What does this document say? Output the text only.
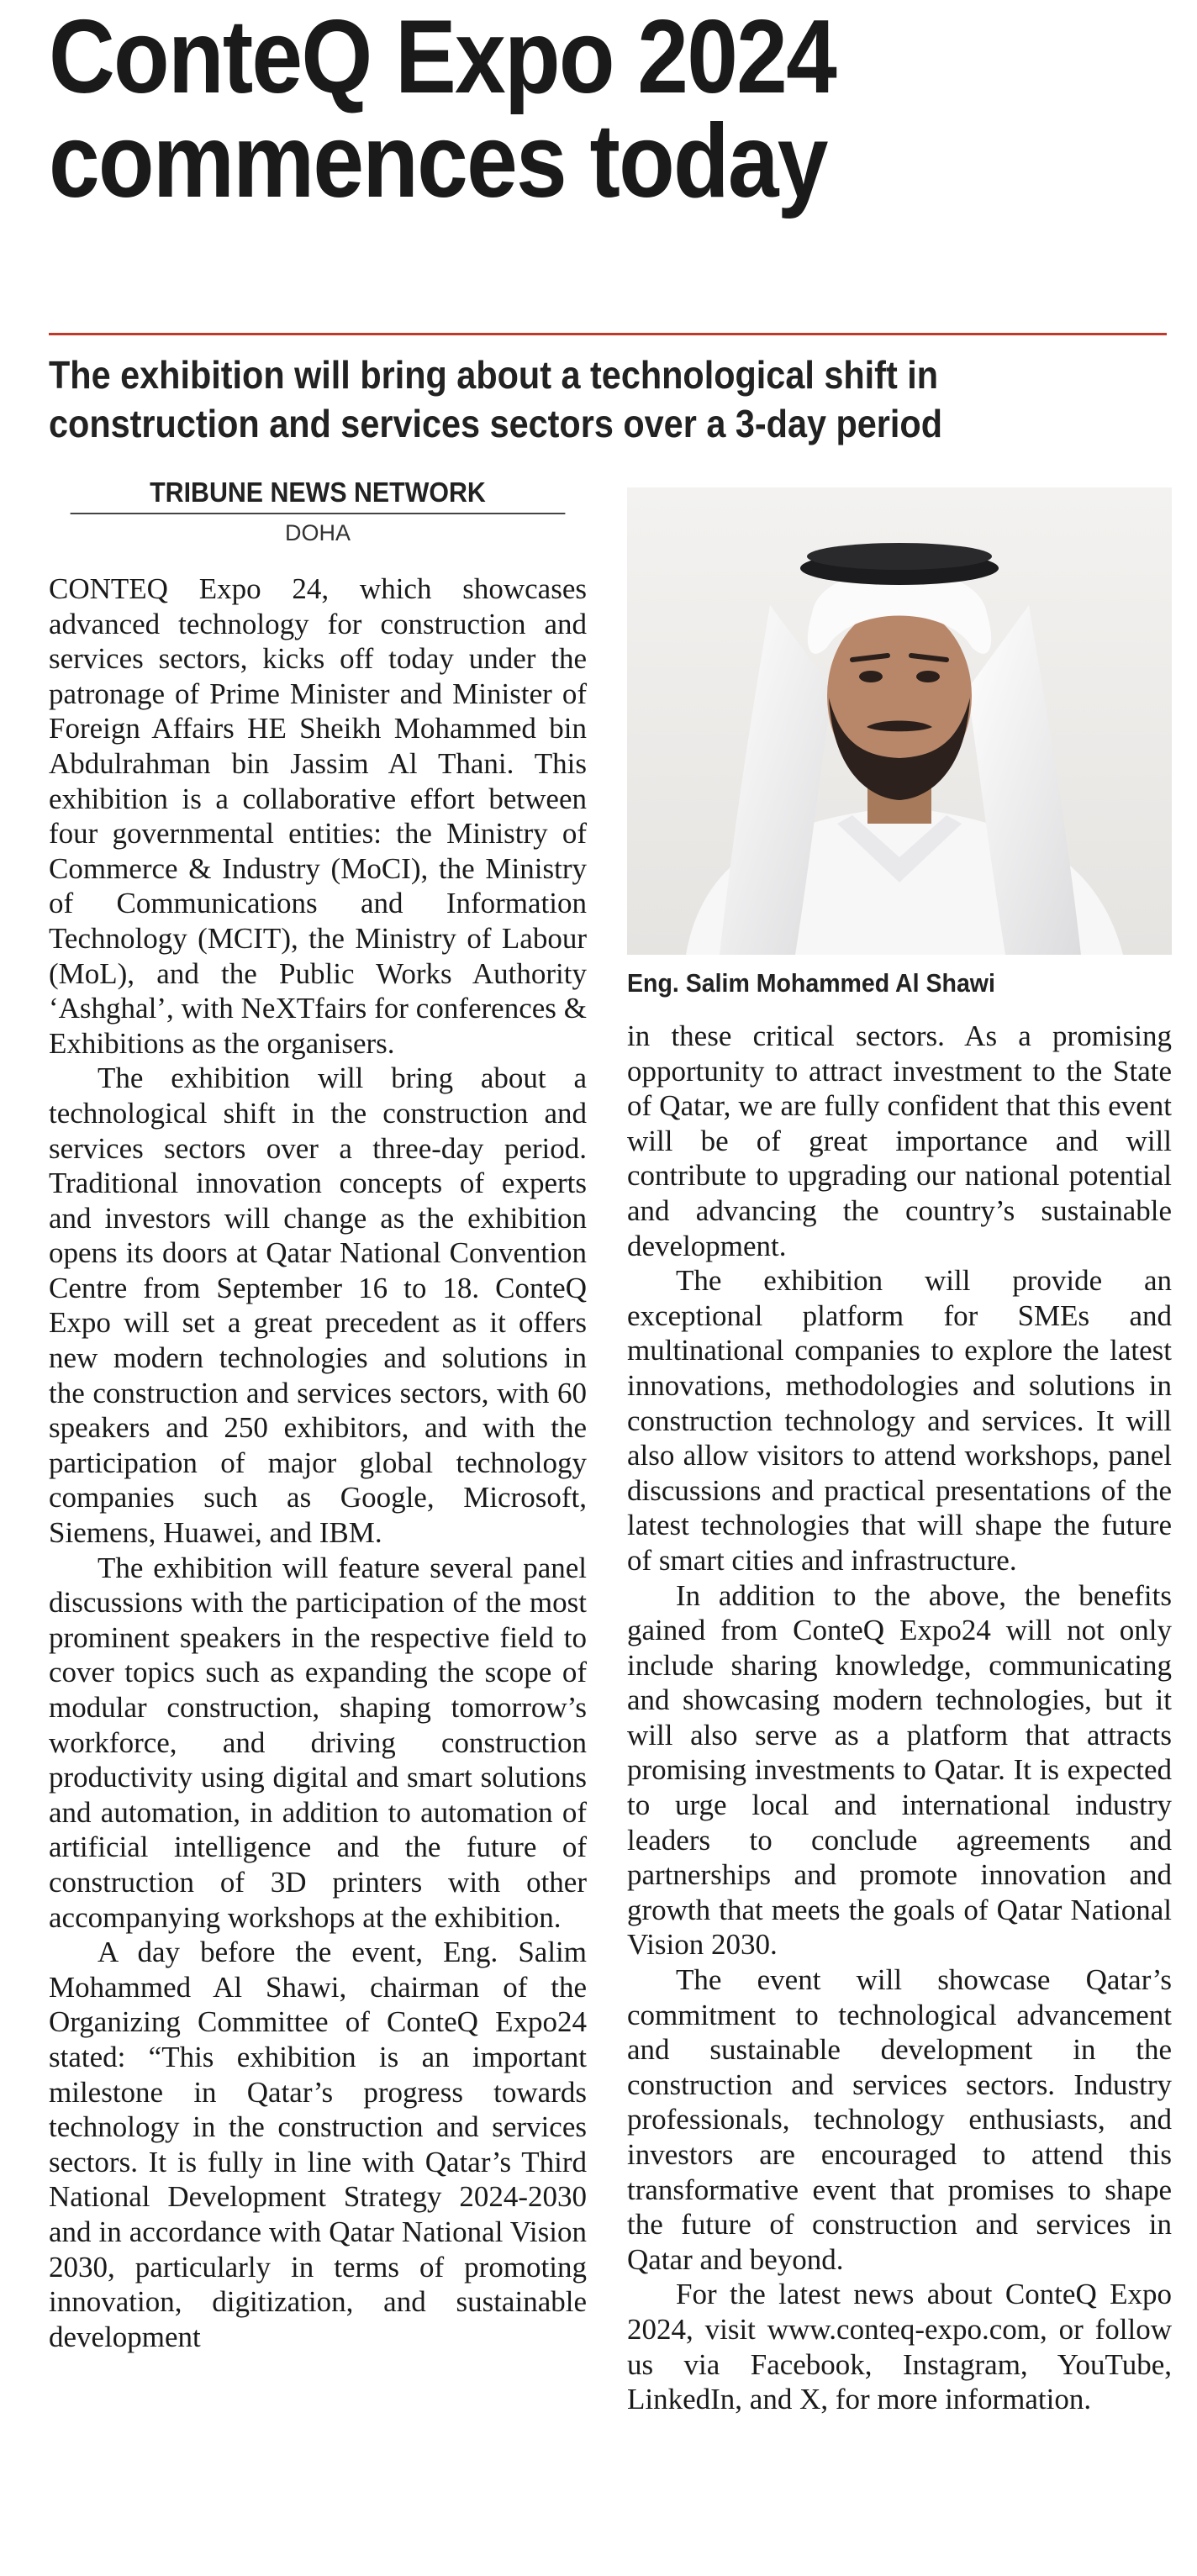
ConteQ Expo 2024
commences today
The exhibition will bring about a technological shift in
construction and services sectors over a 3-day period
TRIBUNE NEWS NETWORK
DOHA

CONTEQ Expo 24, which showcases advanced technology for construction and services sectors, kicks off today under the patronage of Prime Minister and Minister of Foreign Affairs HE Sheikh Mohammed bin Abdulrahman bin Jassim Al Thani. This exhibition is a collaborative effort between four governmental entities: the Ministry of Commerce & Industry (MoCI), the Ministry of Communications and Information Technology (MCIT), the Ministry of Labour (MoL), and the Public Works Authority ‘Ashghal’, with NeXTfairs for conferences & Exhibitions as the organisers.

The exhibition will bring about a technological shift in the construction and services sectors over a three-day period. Traditional innovation concepts of experts and investors will change as the exhibition opens its doors at Qatar National Convention Centre from September 16 to 18. ConteQ Expo will set a great precedent as it offers new modern technologies and solutions in the construction and services sectors, with 60 speakers and 250 exhibitors, and with the participation of major global technology companies such as Google, Microsoft, Siemens, Huawei, and IBM.

The exhibition will feature several panel discussions with the participation of the most prominent speakers in the respective field to cover topics such as expanding the scope of modular construction, shaping tomorrow’s workforce, and driving construction productivity using digital and smart solutions and automation, in addition to automation of artificial intelligence and the future of construction of 3D printers with other accompanying workshops at the exhibition.

A day before the event, Eng. Salim Mohammed Al Shawi, chairman of the Organizing Committee of ConteQ Expo24 stated: “This exhibition is an important milestone in Qatar’s progress towards technology in the construction and services sectors. It is fully in line with Qatar’s Third National Development Strategy 2024-2030 and in accordance with Qatar National Vision 2030, particularly in terms of promoting innovation, digitization, and sustainable development

Eng. Salim Mohammed Al Shawi

in these critical sectors. As a promising opportunity to attract investment to the State of Qatar, we are fully confident that this event will be of great importance and will contribute to upgrading our national potential and advancing the country’s sustainable development.

The exhibition will provide an exceptional platform for SMEs and multinational companies to explore the latest innovations, methodologies and solutions in construction technology and services. It will also allow visitors to attend workshops, panel discussions and practical presentations of the latest technologies that will shape the future of smart cities and infrastructure.

In addition to the above, the benefits gained from ConteQ Expo24 will not only include sharing knowledge, communicating and showcasing modern technologies, but it will also serve as a platform that attracts promising investments to Qatar. It is expected to urge local and international industry leaders to conclude agreements and partnerships and promote innovation and growth that meets the goals of Qatar National Vision 2030.

The event will showcase Qatar’s commitment to technological advancement and sustainable development in the construction and services sectors. Industry professionals, technology enthusiasts, and investors are encouraged to attend this transformative event that promises to shape the future of construction and services in Qatar and beyond.

For the latest news about ConteQ Expo 2024, visit www.conteq-expo.com, or follow us via Facebook, Instagram, YouTube, LinkedIn, and X, for more information.
